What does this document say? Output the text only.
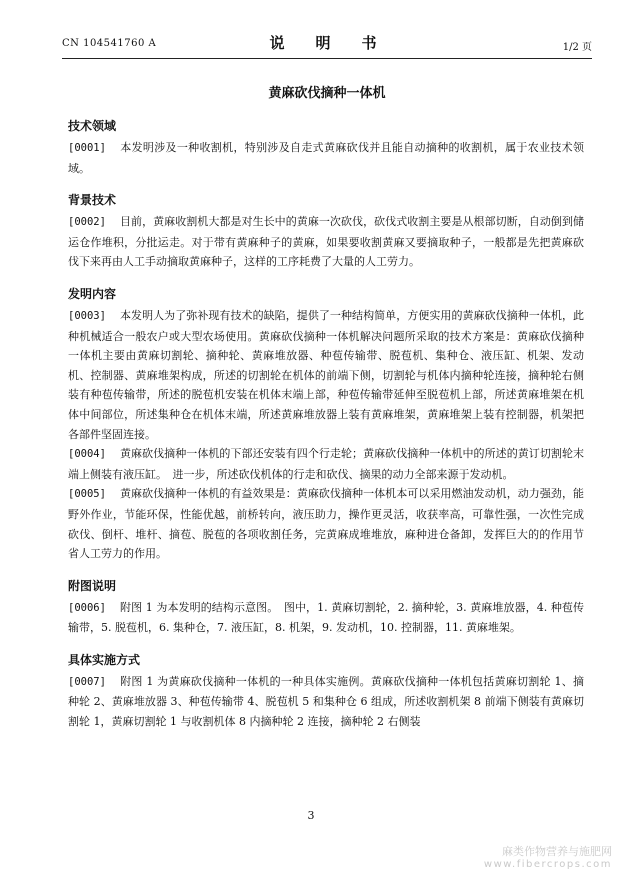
CN 104541760 A	说　明　书	1/2 页
黄麻砍伐摘种一体机
技术领域

[0001] 本发明涉及一种收割机，特别涉及自走式黄麻砍伐并且能自动摘种的收割机，属于农业技术领域。

背景技术

[0002] 目前，黄麻收割机大都是对生长中的黄麻一次砍伐，砍伐式收割主要是从根部切断，自动倒到储运仓作堆积，分批运走。对于带有黄麻种子的黄麻，如果要收割黄麻又要摘取种子，一般都是先把黄麻砍伐下来再由人工手动摘取黄麻种子，这样的工序耗费了大量的人工劳力。

发明内容

[0003] 本发明人为了弥补现有技术的缺陷，提供了一种结构简单，方便实用的黄麻砍伐摘种一体机，此种机械适合一般农户或大型农场使用。黄麻砍伐摘种一体机解决问题所采取的技术方案是：黄麻砍伐摘种一体机主要由黄麻切割轮、摘种轮、黄麻堆放器、种苞传输带、脱苞机、集种仓、液压缸、机架、发动机、控制器、黄麻堆架构成，所述的切割轮在机体的前端下侧，切割轮与机体内摘种轮连接，摘种轮右侧装有种苞传输带，所述的脱苞机安装在机体末端上部，种苞传输带延伸至脱苞机上部，所述黄麻堆架在机体中间部位，所述集种仓在机体末端，所述黄麻堆放器上装有黄麻堆架，黄麻堆架上装有控制器，机架把各部件坚固连接。

[0004] 黄麻砍伐摘种一体机的下部还安装有四个行走轮；黄麻砍伐摘种一体机中的所述的黄订切割轮末端上侧装有液压缸。　进一步，所述砍伐机体的行走和砍伐、摘果的动力全部来源于发动机。

[0005] 黄麻砍伐摘种一体机的有益效果是：黄麻砍伐摘种一体机本可以采用燃油发动机，动力强劲，能野外作业，节能环保，性能优越，前桥转向，液压助力，操作更灵活，收获率高，可靠性强，一次性完成砍伐、倒杆、堆杆、摘苞、脱苞的各项收割任务，完黄麻成堆堆放，麻种进仓备卸，发挥巨大的的作用节省人工劳力的作用。

附图说明

[0006] 附图 1 为本发明的结构示意图。　图中，1. 黄麻切割轮，2. 摘种轮，3. 黄麻堆放器，4. 种苞传输带，5. 脱苞机，6. 集种仓，7. 液压缸，8. 机架，9. 发动机，10. 控制器，11. 黄麻堆架。

具体实施方式

[0007] 附图 1 为黄麻砍伐摘种一体机的一种具体实施例。黄麻砍伐摘种一体机包括黄麻切割轮 1、摘种轮 2、黄麻堆放器 3、种苞传输带 4、脱苞机 5 和集种仓 6 组成，所述收割机架 8 前端下侧装有黄麻切割轮 1，黄麻切割轮 1 与收割机体 8 内摘种轮 2 连接，摘种轮 2 右侧装

3
麻类作物营养与施肥网
www.fibercrops.com
